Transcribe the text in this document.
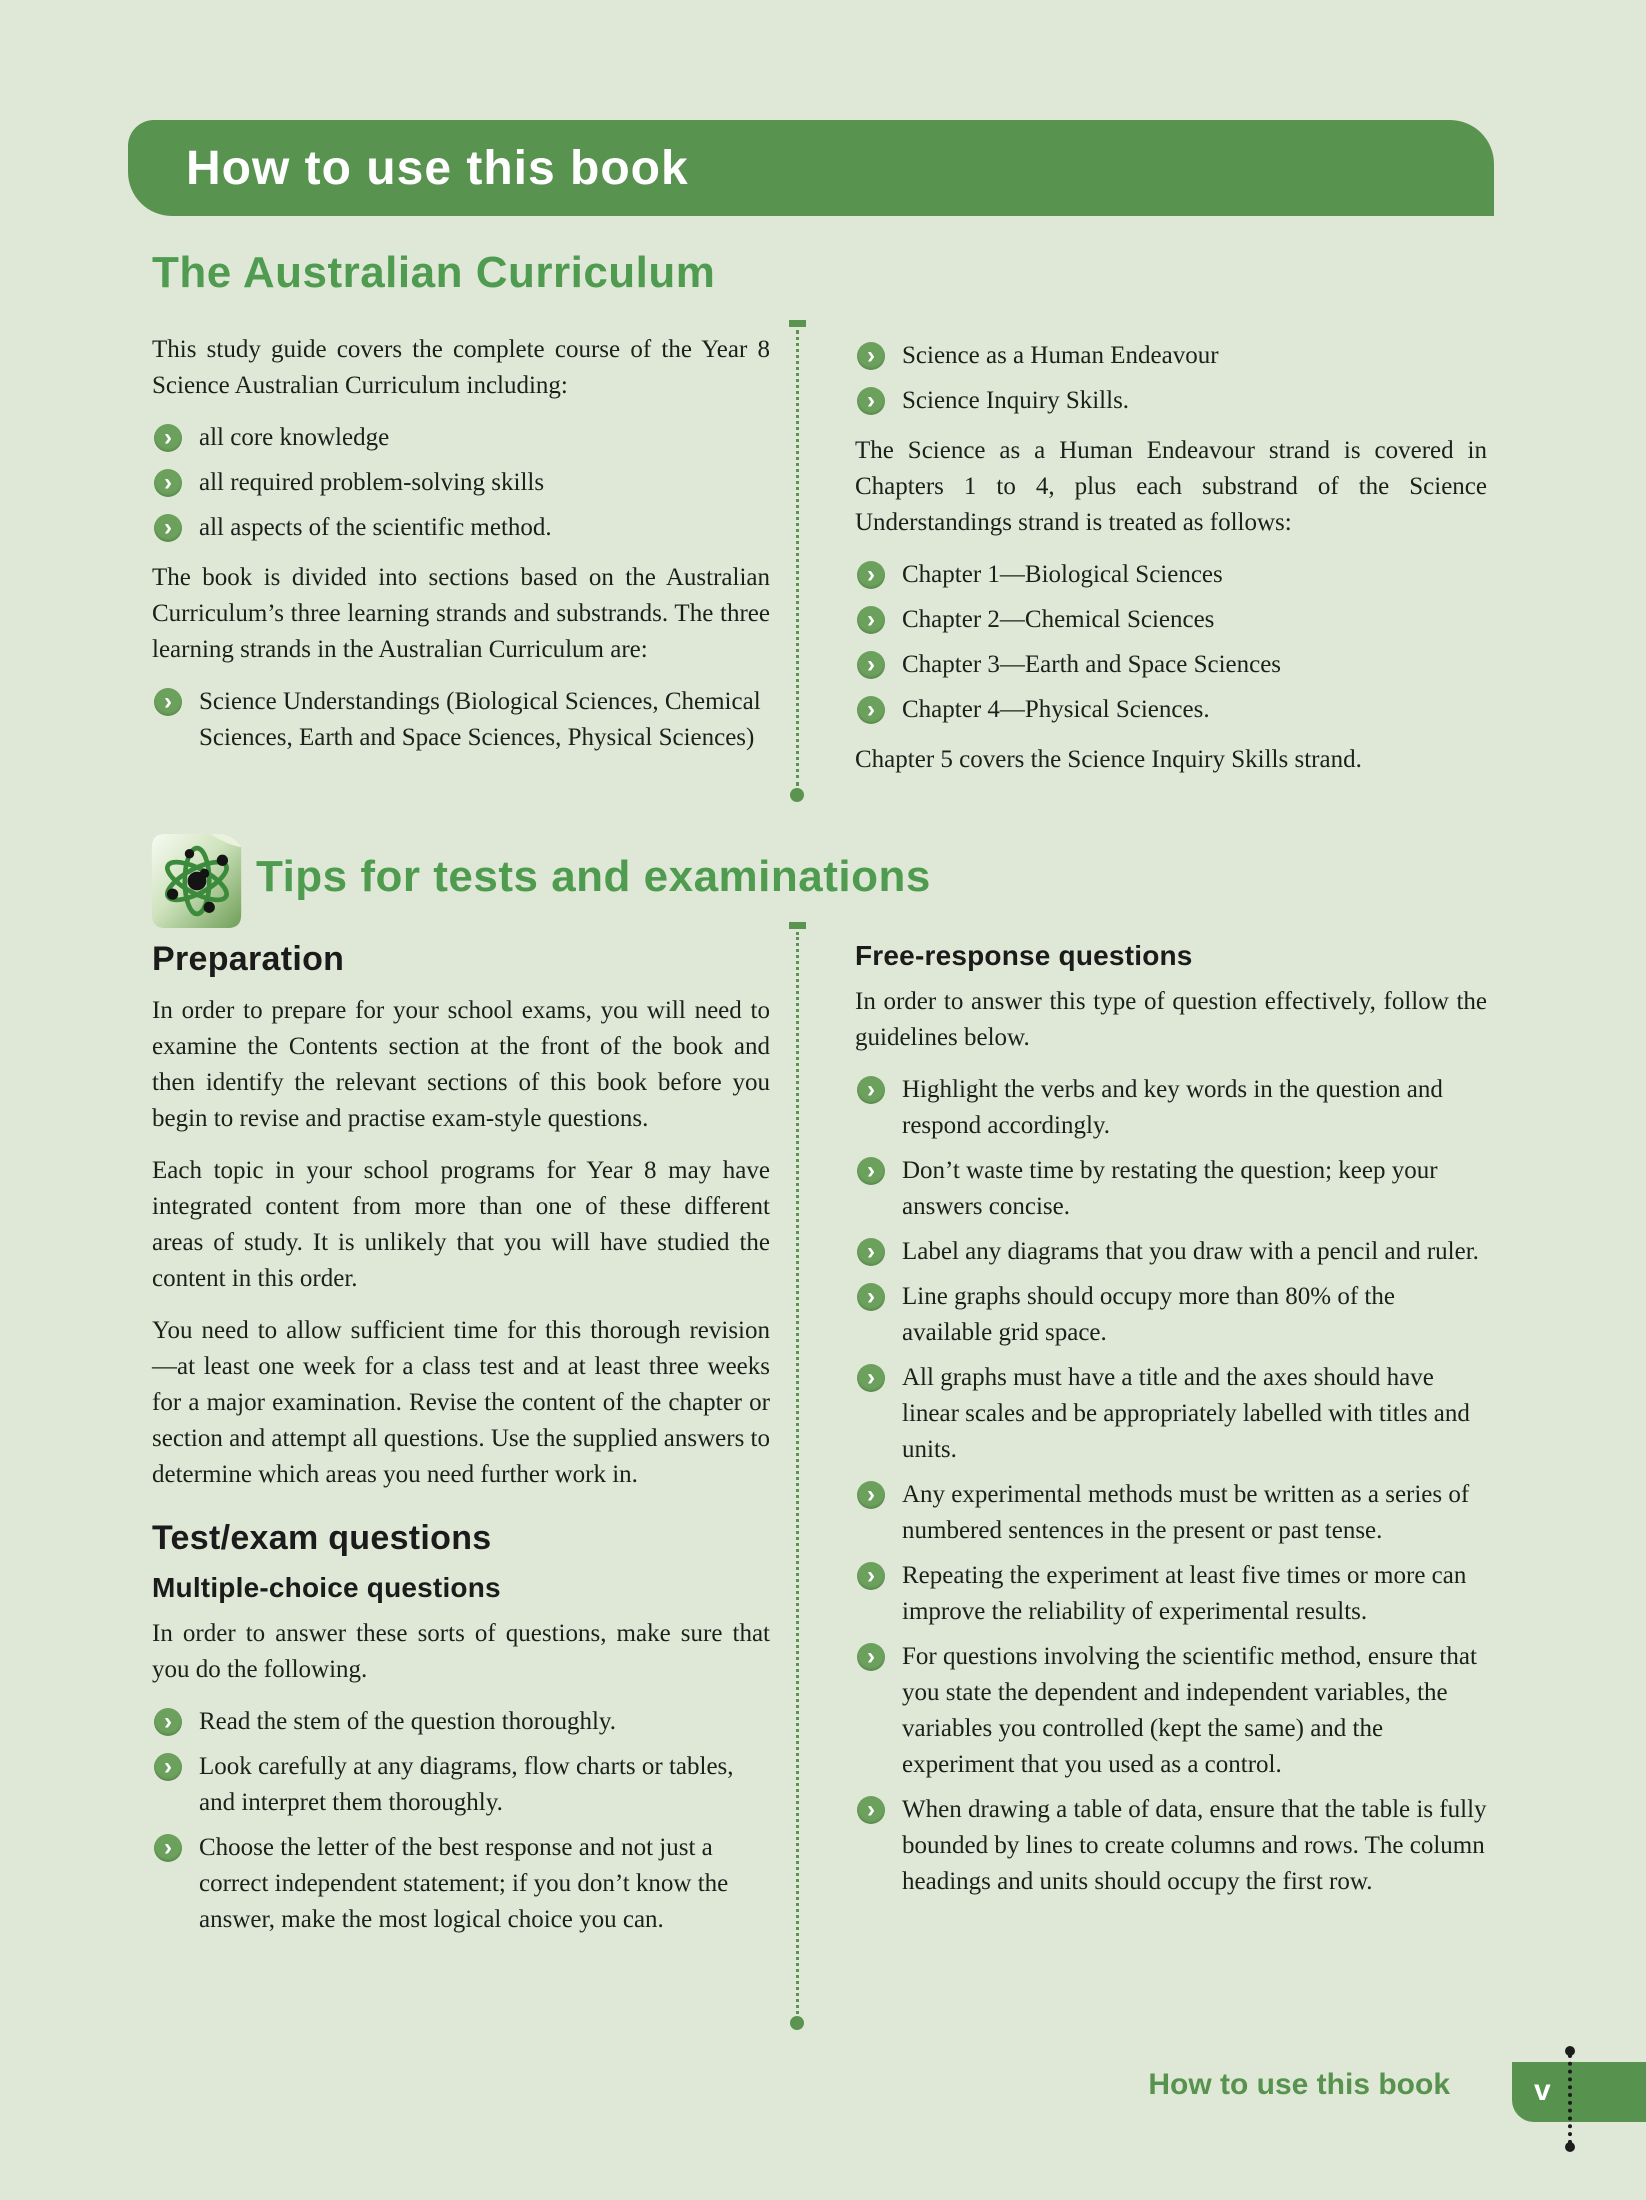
How to use this book
The Australian Curriculum

This study guide covers the complete course of the Year 8 Science Australian Curriculum including:

›	all core knowledge
›	all required problem-solving skills
›	all aspects of the scientific method.

The book is divided into sections based on the Australian Curriculum’s three learning strands and substrands. The three learning strands in the Australian Curriculum are:

›	Science Understandings (Biological Sciences, Chemical Sciences, Earth and Space Sciences, Physical Sciences)
›	Science as a Human Endeavour
›	Science Inquiry Skills.

The Science as a Human Endeavour strand is covered in Chapters 1 to 4, plus each substrand of the Science Understandings strand is treated as follows:

›	Chapter 1—Biological Sciences
›	Chapter 2—Chemical Sciences
›	Chapter 3—Earth and Space Sciences
›	Chapter 4—Physical Sciences.

Chapter 5 covers the Science Inquiry Skills strand.

Tips for tests and examinations
Preparation

In order to prepare for your school exams, you will need to examine the Contents section at the front of the book and then identify the relevant sections of this book before you begin to revise and practise exam-style questions.

Each topic in your school programs for Year 8 may have integrated content from more than one of these different areas of study. It is unlikely that you will have studied the content in this order.

You need to allow sufficient time for this thorough revision—at least one week for a class test and at least three weeks for a major examination. Revise the content of the chapter or section and attempt all questions. Use the supplied answers to determine which areas you need further work in.

Test/exam questions
Multiple-choice questions

In order to answer these sorts of questions, make sure that you do the following.

›	Read the stem of the question thoroughly.
›	Look carefully at any diagrams, flow charts or tables, and interpret them thoroughly.
›	Choose the letter of the best response and not just a correct independent statement; if you don’t know the answer, make the most logical choice you can.
Free-response questions

In order to answer this type of question effectively, follow the guidelines below.

›	Highlight the verbs and key words in the question and respond accordingly.
›	Don’t waste time by restating the question; keep your answers concise.
›	Label any diagrams that you draw with a pencil and ruler.
›	Line graphs should occupy more than 80% of the available grid space.
›	All graphs must have a title and the axes should have linear scales and be appropriately labelled with titles and units.
›	Any experimental methods must be written as a series of numbered sentences in the present or past tense.
›	Repeating the experiment at least five times or more can improve the reliability of experimental results.
›	For questions involving the scientific method, ensure that you state the dependent and independent variables, the variables you controlled (kept the same) and the experiment that you used as a control.
›	When drawing a table of data, ensure that the table is fully bounded by lines to create columns and rows. The column headings and units should occupy the first row.
How to use this book	v
